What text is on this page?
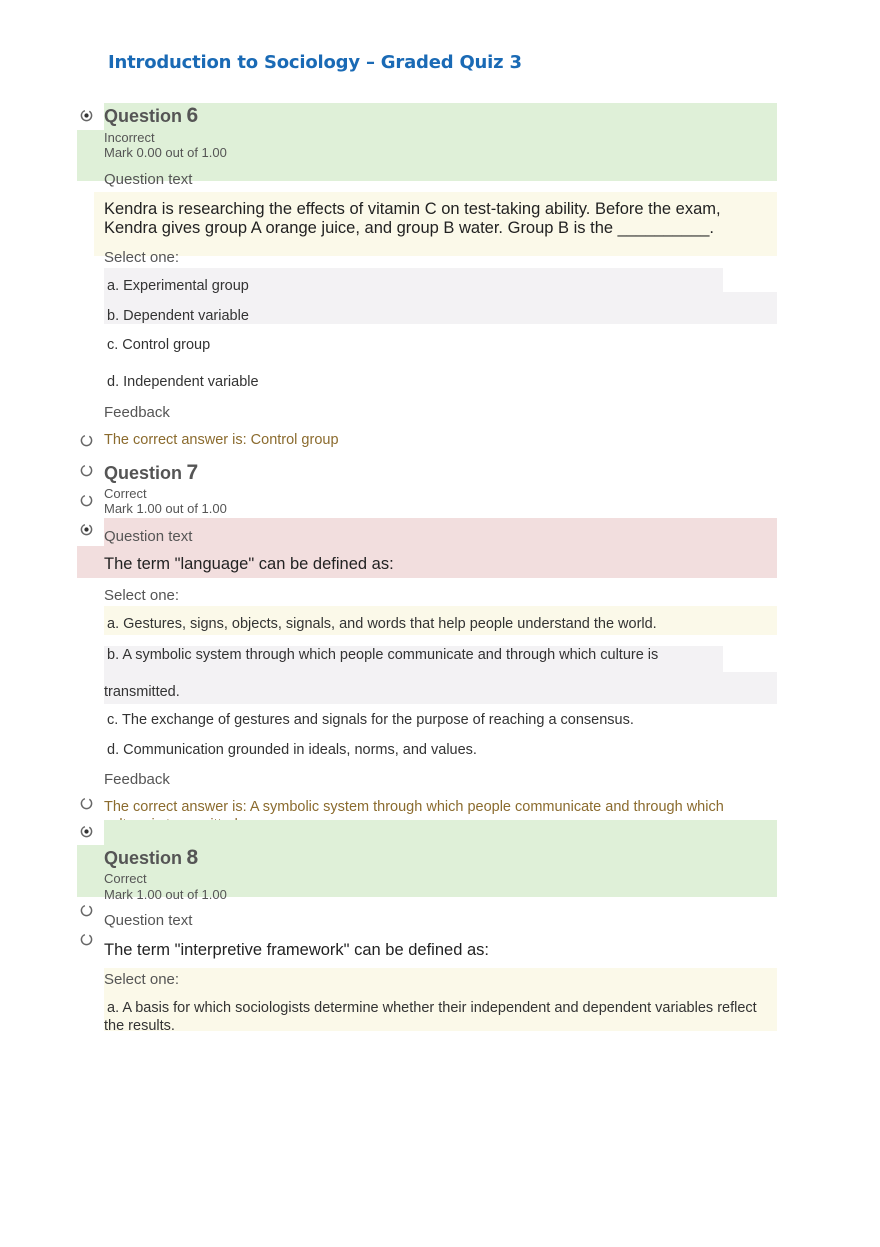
Introduction to Sociology – Graded Quiz 3
Question 6
Incorrect
Mark 0.00 out of 1.00
Question text
Kendra is researching the effects of vitamin C on test-taking ability. Before the exam, Kendra gives group A orange juice, and group B water. Group B is the __________.
Select one:
a. Experimental group
b. Dependent variable
c. Control group
d. Independent variable
Feedback
The correct answer is: Control group
Question 7
Correct
Mark 1.00 out of 1.00
Question text
The term "language" can be defined as:
Select one:
a. Gestures, signs, objects, signals, and words that help people understand the world.
b. A symbolic system through which people communicate and through which culture is
transmitted.
c. The exchange of gestures and signals for the purpose of reaching a consensus.
d. Communication grounded in ideals, norms, and values.
Feedback
The correct answer is: A symbolic system through which people communicate and through which
Question 8
Correct
Mark 1.00 out of 1.00
Question text
The term "interpretive framework" can be defined as:
Select one:
a. A basis for which sociologists determine whether their independent and dependent variables reflect the results.
